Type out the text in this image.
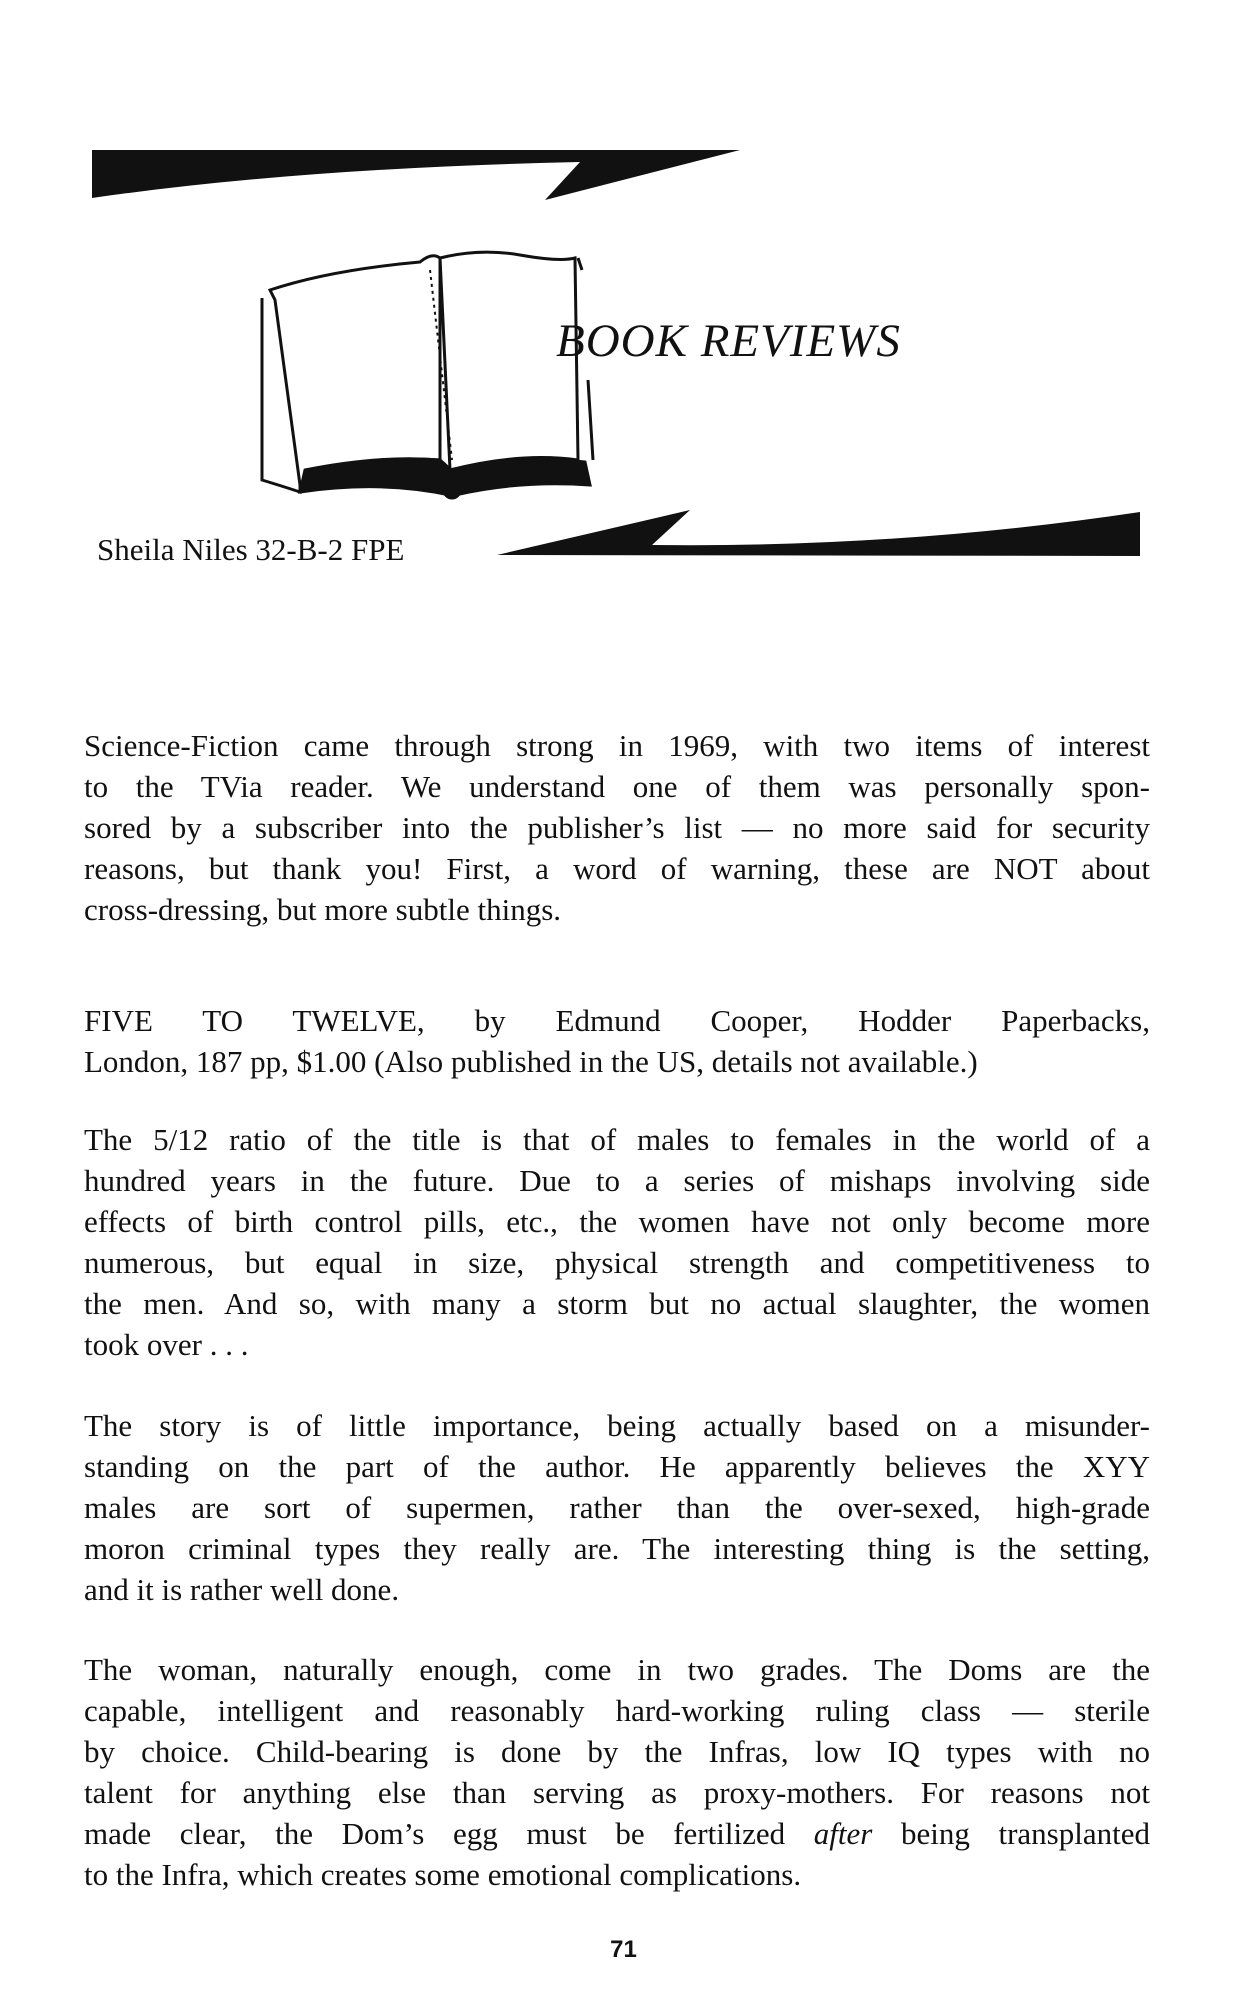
BOOK REVIEWS
Sheila Niles 32-B-2 FPE
Science-Fiction came through strong in 1969, with two items of interest
to the TVia reader. We understand one of them was personally spon-
sored by a subscriber into the publisher’s list — no more said for security
reasons, but thank you! First, a word of warning, these are NOT about
cross-dressing, but more subtle things.
FIVE TO TWELVE, by Edmund Cooper, Hodder Paperbacks,
London, 187 pp, $1.00 (Also published in the US, details not available.)
The 5/12 ratio of the title is that of males to females in the world of a
hundred years in the future. Due to a series of mishaps involving side
effects of birth control pills, etc., the women have not only become more
numerous, but equal in size, physical strength and competitiveness to
the men. And so, with many a storm but no actual slaughter, the women
took over . . .
The story is of little importance, being actually based on a misunder-
standing on the part of the author. He apparently believes the XYY
males are sort of supermen, rather than the over-sexed, high-grade
moron criminal types they really are. The interesting thing is the setting,
and it is rather well done.
The woman, naturally enough, come in two grades. The Doms are the
capable, intelligent and reasonably hard-working ruling class — sterile
by choice. Child-bearing is done by the Infras, low IQ types with no
talent for anything else than serving as proxy-mothers. For reasons not
made clear, the Dom’s egg must be fertilized after being transplanted
to the Infra, which creates some emotional complications.
71
